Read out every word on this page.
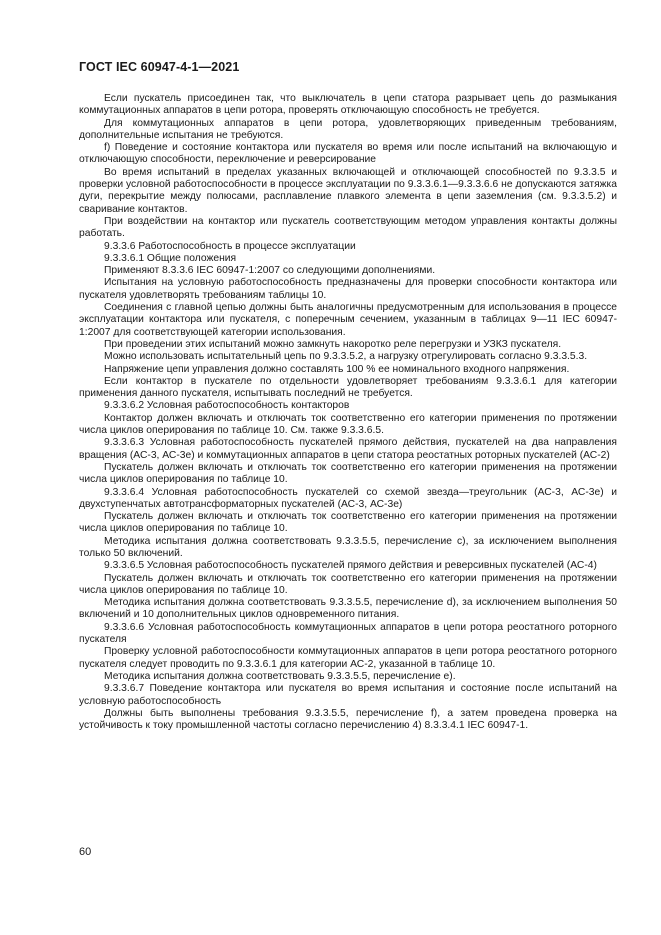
ГОСТ IEC 60947-4-1—2021

Если пускатель присоединен так, что выключатель в цепи статора разрывает цепь до размыкания коммутационных аппаратов в цепи ротора, проверять отключающую способность не требуется.

Для коммутационных аппаратов в цепи ротора, удовлетворяющих приведенным требованиям, дополнительные испытания не требуются.

f) Поведение и состояние контактора или пускателя во время или после испытаний на включающую и отключающую способности, переключение и реверсирование

Во время испытаний в пределах указанных включающей и отключающей способностей по 9.3.3.5 и проверки условной работоспособности в процессе эксплуатации по 9.3.3.6.1—9.3.3.6.6 не допускаются затяжка дуги, перекрытие между полюсами, расплавление плавкого элемента в цепи заземления (см. 9.3.3.5.2) и сваривание контактов.

При воздействии на контактор или пускатель соответствующим методом управления контакты должны работать.

9.3.3.6 Работоспособность в процессе эксплуатации

9.3.3.6.1 Общие положения

Применяют 8.3.3.6 IEC 60947-1:2007 со следующими дополнениями.

Испытания на условную работоспособность предназначены для проверки способности контактора или пускателя удовлетворять требованиям таблицы 10.

Соединения с главной цепью должны быть аналогичны предусмотренным для использования в процессе эксплуатации контактора или пускателя, с поперечным сечением, указанным в таблицах 9—11 IEC 60947-1:2007 для соответствующей категории использования.

При проведении этих испытаний можно замкнуть накоротко реле перегрузки и УЗКЗ пускателя.

Можно использовать испытательный цепь по 9.3.3.5.2, а нагрузку отрегулировать согласно 9.3.3.5.3.

Напряжение цепи управления должно составлять 100 % ее номинального входного напряжения.

Если контактор в пускателе по отдельности удовлетворяет требованиям 9.3.3.6.1 для категории применения данного пускателя, испытывать последний не требуется.

9.3.3.6.2 Условная работоспособность контакторов

Контактор должен включать и отключать ток соответственно его категории применения по протяжении числа циклов оперирования по таблице 10. См. также 9.3.3.6.5.

9.3.3.6.3 Условная работоспособность пускателей прямого действия, пускателей на два направления вращения (АС-3, АС-3е) и коммутационных аппаратов в цепи статора реостатных роторных пускателей (АС-2)

Пускатель должен включать и отключать ток соответственно его категории применения на протяжении числа циклов оперирования по таблице 10.

9.3.3.6.4 Условная работоспособность пускателей со схемой звезда—треугольник (АС-3, АС-3е) и двухступенчатых автотрансформаторных пускателей (АС-3, АС-3е)

Пускатель должен включать и отключать ток соответственно его категории применения на протяжении числа циклов оперирования по таблице 10.

Методика испытания должна соответствовать 9.3.3.5.5, перечисление с), за исключением выполнения только 50 включений.

9.3.3.6.5 Условная работоспособность пускателей прямого действия и реверсивных пускателей (АС-4)

Пускатель должен включать и отключать ток соответственно его категории применения на протяжении числа циклов оперирования по таблице 10.

Методика испытания должна соответствовать 9.3.3.5.5, перечисление d), за исключением выполнения 50 включений и 10 дополнительных циклов одновременного питания.

9.3.3.6.6 Условная работоспособность коммутационных аппаратов в цепи ротора реостатного роторного пускателя

Проверку условной работоспособности коммутационных аппаратов в цепи ротора реостатного роторного пускателя следует проводить по 9.3.3.6.1 для категории АС-2, указанной в таблице 10.

Методика испытания должна соответствовать 9.3.3.5.5, перечисление е).

9.3.3.6.7 Поведение контактора или пускателя во время испытания и состояние после испытаний на условную работоспособность

Должны быть выполнены требования 9.3.3.5.5, перечисление f), а затем проведена проверка на устойчивость к току промышленной частоты согласно перечислению 4) 8.3.3.4.1 IEC 60947-1.

60
